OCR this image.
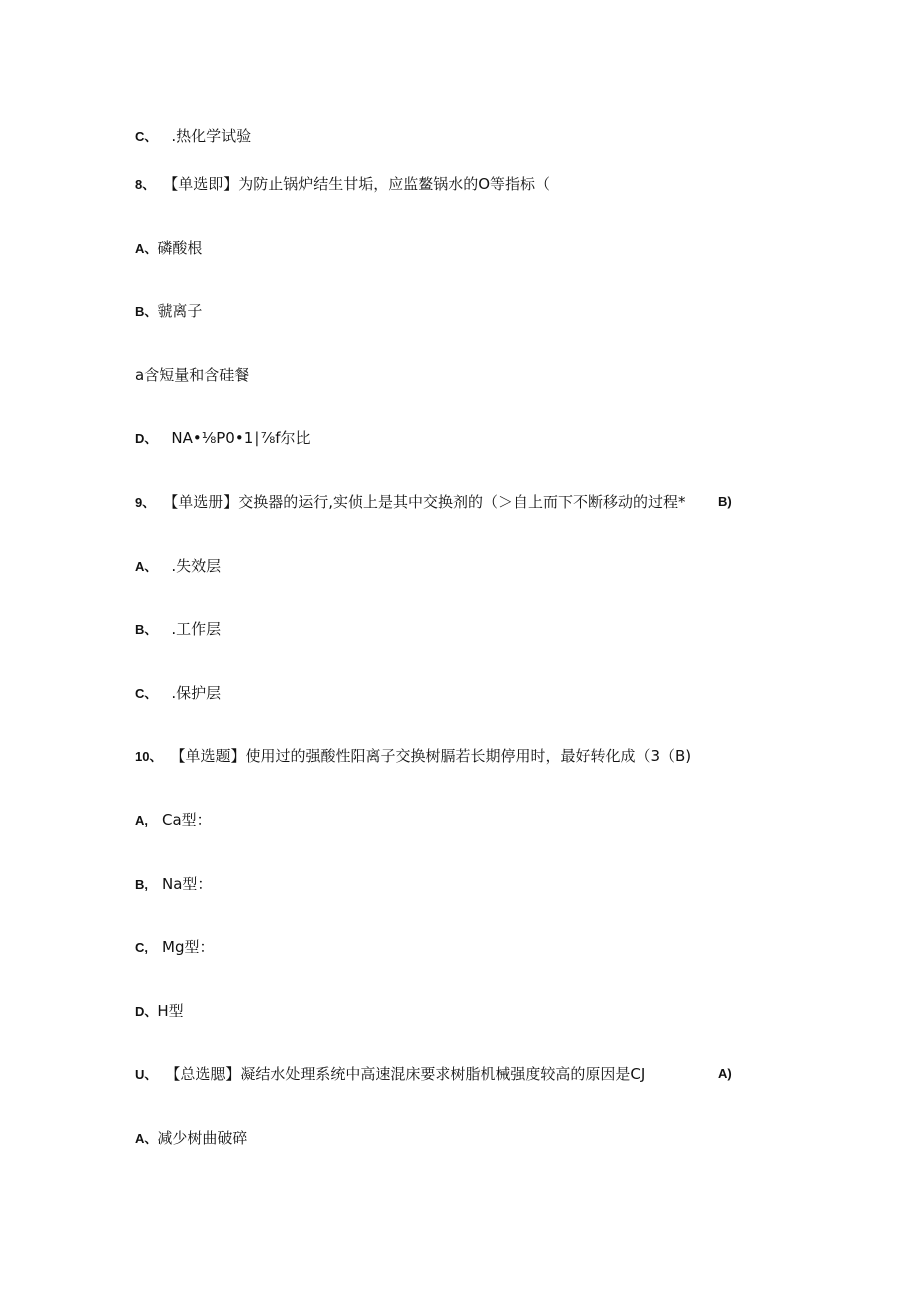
C、 .热化学试验
8、 【单选即】为防止锅炉结生甘垢，应监鳌锅水的O等指标（
A、磷酸根
B、虢离子
a含短量和含硅餐
D、 NA•⅛P0•1∣⅞f尔比
9、 【单选册】交换器的运行,实侦上是其中交换剂的（＞自上而下不断移动的过程* B)
A、 .失效层
B、 .工作层
C、 .保护层
10、 【单选题】使用过的强酸性阳离子交换树膈若长期停用时，最好转化成（3（B)
A, Ca型：
B, Na型：
C, Mg型：
D、H型
U、 【总选腮】凝结水处理系统中高速混床要求树脂机械强度较高的原因是CJ	A)
A、减少树曲破碎
